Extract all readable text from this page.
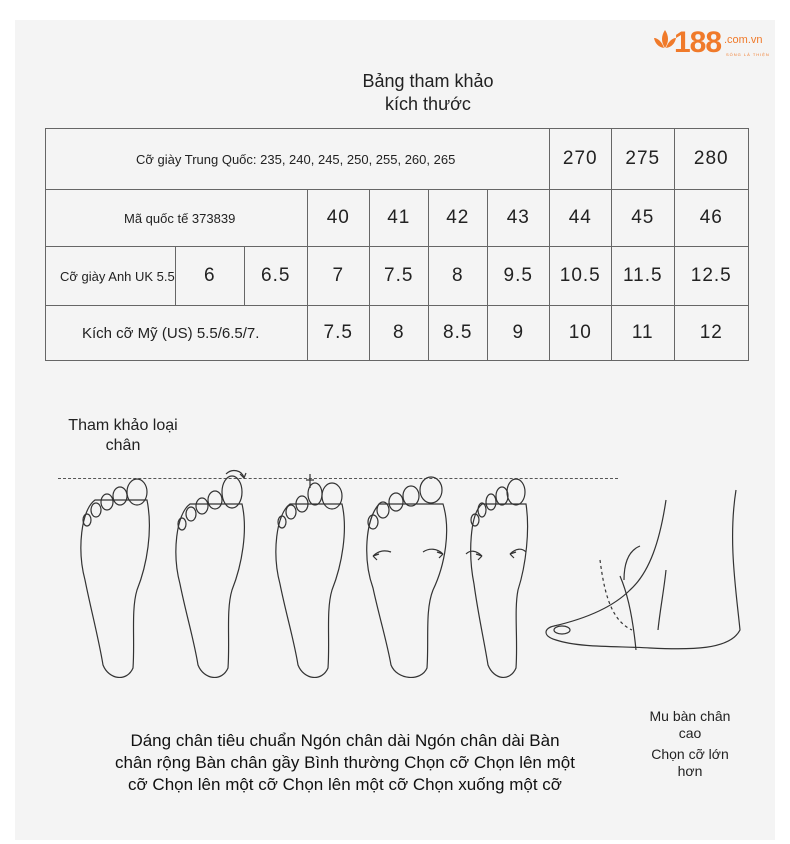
188 .com.vn
SỐNG LÀ THIỆN
Bảng tham khảo
kích thước
Cỡ giày Trung Quốc: 235, 240, 245, 250, 255, 260, 265							270	275	280
Mã quốc tế 373839			40	41	42	43	44	45	46
Cỡ giày Anh UK 5.5	6	6.5	7	7.5	8	9.5	10.5	11.5	12.5
Kích cỡ Mỹ (US) 5.5/6.5/7.			7.5	8	8.5	9	10	11	12
Tham khảo loại
chân
Dáng chân tiêu chuẩn Ngón chân dài Ngón chân dài Bàn
chân rộng Bàn chân gầy Bình thường Chọn cỡ Chọn lên một
cỡ Chọn lên một cỡ Chọn lên một cỡ Chọn xuống một cỡ
Mu bàn chân
cao
Chọn cỡ lớn
hơn
